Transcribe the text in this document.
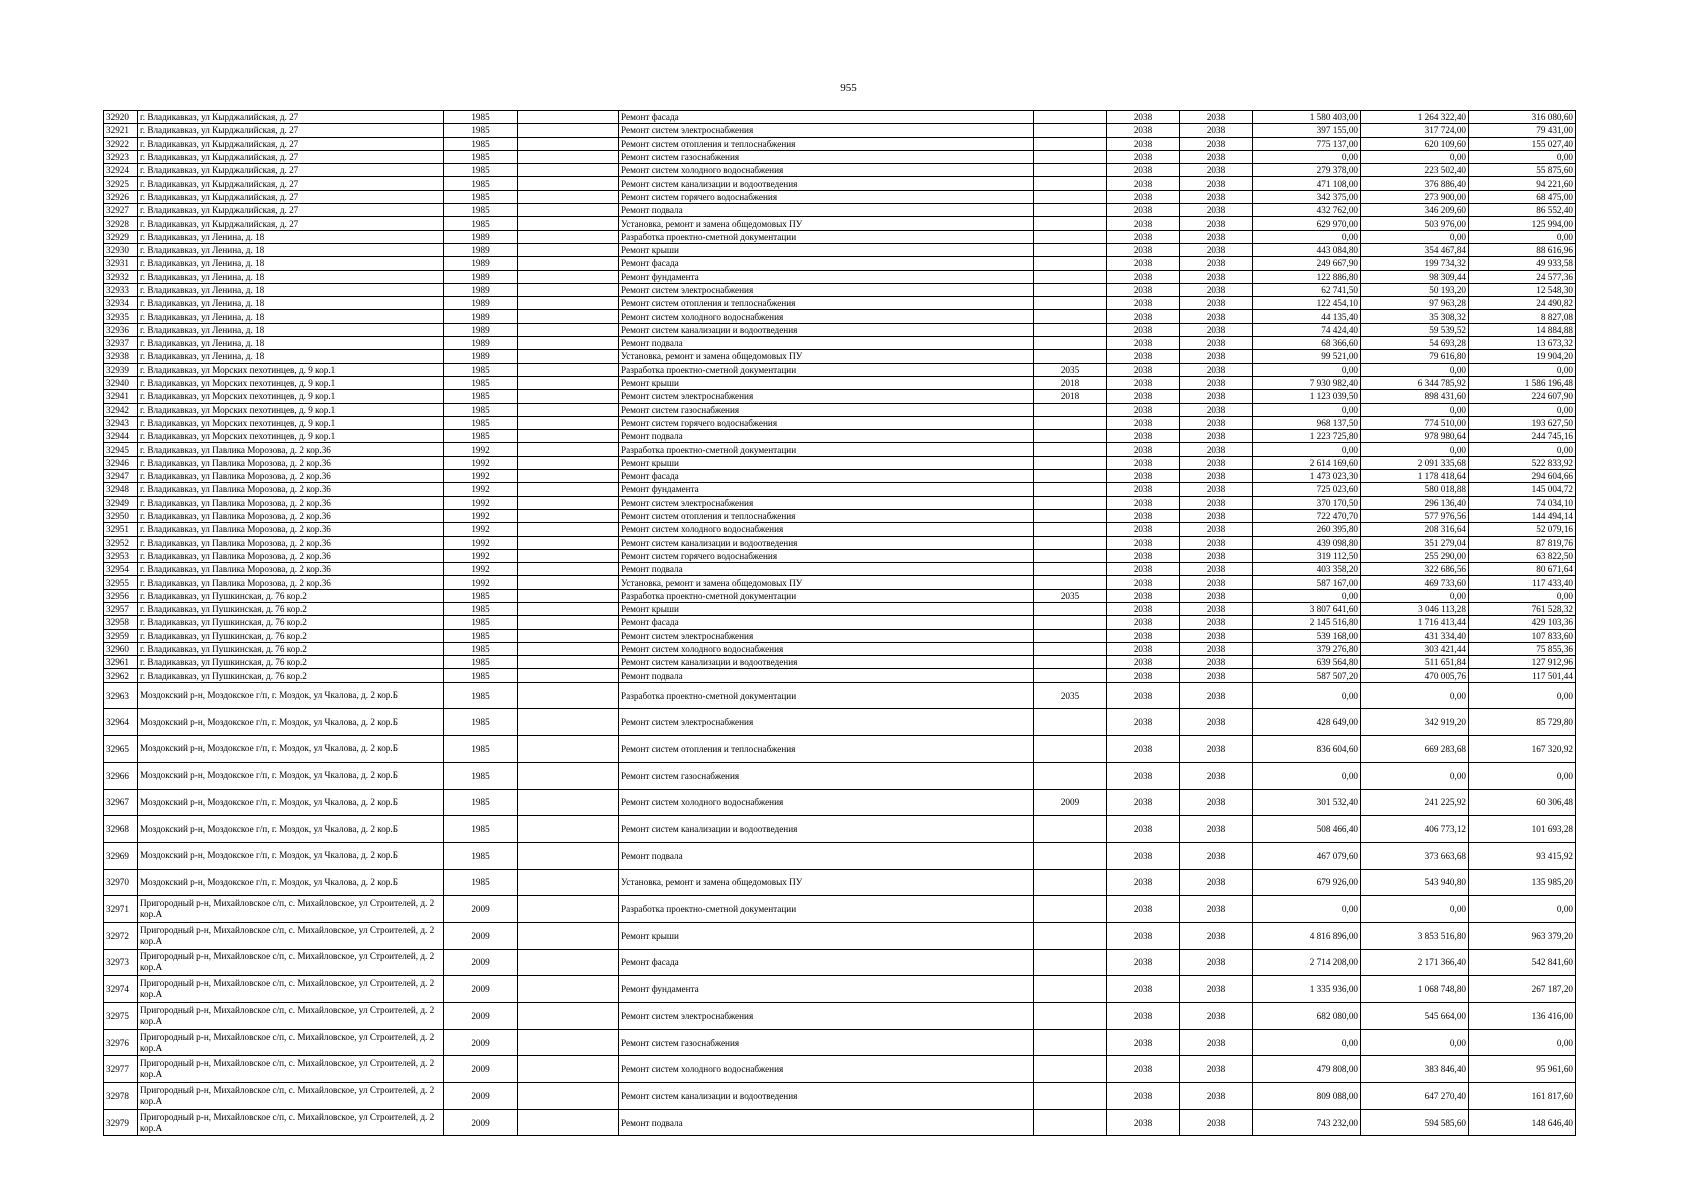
955
32920	г. Владикавказ, ул Кырджалийская, д. 27	1985		Ремонт фасада		2038	2038	1 580 403,00	1 264 322,40	316 080,60
32921	г. Владикавказ, ул Кырджалийская, д. 27	1985		Ремонт систем электроснабжения		2038	2038	397 155,00	317 724,00	79 431,00
32922	г. Владикавказ, ул Кырджалийская, д. 27	1985		Ремонт систем отопления и теплоснабжения		2038	2038	775 137,00	620 109,60	155 027,40
32923	г. Владикавказ, ул Кырджалийская, д. 27	1985		Ремонт систем газоснабжения		2038	2038	0,00	0,00	0,00
32924	г. Владикавказ, ул Кырджалийская, д. 27	1985		Ремонт систем холодного водоснабжения		2038	2038	279 378,00	223 502,40	55 875,60
32925	г. Владикавказ, ул Кырджалийская, д. 27	1985		Ремонт систем канализации и водоотведения		2038	2038	471 108,00	376 886,40	94 221,60
32926	г. Владикавказ, ул Кырджалийская, д. 27	1985		Ремонт систем горячего водоснабжения		2038	2038	342 375,00	273 900,00	68 475,00
32927	г. Владикавказ, ул Кырджалийская, д. 27	1985		Ремонт подвала		2038	2038	432 762,00	346 209,60	86 552,40
32928	г. Владикавказ, ул Кырджалийская, д. 27	1985		Установка, ремонт и замена общедомовых ПУ		2038	2038	629 970,00	503 976,00	125 994,00
32929	г. Владикавказ, ул Ленина, д. 18	1989		Разработка проектно-сметной документации		2038	2038	0,00	0,00	0,00
32930	г. Владикавказ, ул Ленина, д. 18	1989		Ремонт крыши		2038	2038	443 084,80	354 467,84	88 616,96
32931	г. Владикавказ, ул Ленина, д. 18	1989		Ремонт фасада		2038	2038	249 667,90	199 734,32	49 933,58
32932	г. Владикавказ, ул Ленина, д. 18	1989		Ремонт фундамента		2038	2038	122 886,80	98 309,44	24 577,36
32933	г. Владикавказ, ул Ленина, д. 18	1989		Ремонт систем электроснабжения		2038	2038	62 741,50	50 193,20	12 548,30
32934	г. Владикавказ, ул Ленина, д. 18	1989		Ремонт систем отопления и теплоснабжения		2038	2038	122 454,10	97 963,28	24 490,82
32935	г. Владикавказ, ул Ленина, д. 18	1989		Ремонт систем холодного водоснабжения		2038	2038	44 135,40	35 308,32	8 827,08
32936	г. Владикавказ, ул Ленина, д. 18	1989		Ремонт систем канализации и водоотведения		2038	2038	74 424,40	59 539,52	14 884,88
32937	г. Владикавказ, ул Ленина, д. 18	1989		Ремонт подвала		2038	2038	68 366,60	54 693,28	13 673,32
32938	г. Владикавказ, ул Ленина, д. 18	1989		Установка, ремонт и замена общедомовых ПУ		2038	2038	99 521,00	79 616,80	19 904,20
32939	г. Владикавказ, ул Морских пехотинцев, д. 9 кор.1	1985		Разработка проектно-сметной документации	2035	2038	2038	0,00	0,00	0,00
32940	г. Владикавказ, ул Морских пехотинцев, д. 9 кор.1	1985		Ремонт крыши	2018	2038	2038	7 930 982,40	6 344 785,92	1 586 196,48
32941	г. Владикавказ, ул Морских пехотинцев, д. 9 кор.1	1985		Ремонт систем электроснабжения	2018	2038	2038	1 123 039,50	898 431,60	224 607,90
32942	г. Владикавказ, ул Морских пехотинцев, д. 9 кор.1	1985		Ремонт систем газоснабжения		2038	2038	0,00	0,00	0,00
32943	г. Владикавказ, ул Морских пехотинцев, д. 9 кор.1	1985		Ремонт систем горячего водоснабжения		2038	2038	968 137,50	774 510,00	193 627,50
32944	г. Владикавказ, ул Морских пехотинцев, д. 9 кор.1	1985		Ремонт подвала		2038	2038	1 223 725,80	978 980,64	244 745,16
32945	г. Владикавказ, ул Павлика Морозова, д. 2 кор.36	1992		Разработка проектно-сметной документации		2038	2038	0,00	0,00	0,00
32946	г. Владикавказ, ул Павлика Морозова, д. 2 кор.36	1992		Ремонт крыши		2038	2038	2 614 169,60	2 091 335,68	522 833,92
32947	г. Владикавказ, ул Павлика Морозова, д. 2 кор.36	1992		Ремонт фасада		2038	2038	1 473 023,30	1 178 418,64	294 604,66
32948	г. Владикавказ, ул Павлика Морозова, д. 2 кор.36	1992		Ремонт фундамента		2038	2038	725 023,60	580 018,88	145 004,72
32949	г. Владикавказ, ул Павлика Морозова, д. 2 кор.36	1992		Ремонт систем электроснабжения		2038	2038	370 170,50	296 136,40	74 034,10
32950	г. Владикавказ, ул Павлика Морозова, д. 2 кор.36	1992		Ремонт систем отопления и теплоснабжения		2038	2038	722 470,70	577 976,56	144 494,14
32951	г. Владикавказ, ул Павлика Морозова, д. 2 кор.36	1992		Ремонт систем холодного водоснабжения		2038	2038	260 395,80	208 316,64	52 079,16
32952	г. Владикавказ, ул Павлика Морозова, д. 2 кор.36	1992		Ремонт систем канализации и водоотведения		2038	2038	439 098,80	351 279,04	87 819,76
32953	г. Владикавказ, ул Павлика Морозова, д. 2 кор.36	1992		Ремонт систем горячего водоснабжения		2038	2038	319 112,50	255 290,00	63 822,50
32954	г. Владикавказ, ул Павлика Морозова, д. 2 кор.36	1992		Ремонт подвала		2038	2038	403 358,20	322 686,56	80 671,64
32955	г. Владикавказ, ул Павлика Морозова, д. 2 кор.36	1992		Установка, ремонт и замена общедомовых ПУ		2038	2038	587 167,00	469 733,60	117 433,40
32956	г. Владикавказ, ул Пушкинская, д. 76 кор.2	1985		Разработка проектно-сметной документации	2035	2038	2038	0,00	0,00	0,00
32957	г. Владикавказ, ул Пушкинская, д. 76 кор.2	1985		Ремонт крыши		2038	2038	3 807 641,60	3 046 113,28	761 528,32
32958	г. Владикавказ, ул Пушкинская, д. 76 кор.2	1985		Ремонт фасада		2038	2038	2 145 516,80	1 716 413,44	429 103,36
32959	г. Владикавказ, ул Пушкинская, д. 76 кор.2	1985		Ремонт систем электроснабжения		2038	2038	539 168,00	431 334,40	107 833,60
32960	г. Владикавказ, ул Пушкинская, д. 76 кор.2	1985		Ремонт систем холодного водоснабжения		2038	2038	379 276,80	303 421,44	75 855,36
32961	г. Владикавказ, ул Пушкинская, д. 76 кор.2	1985		Ремонт систем канализации и водоотведения		2038	2038	639 564,80	511 651,84	127 912,96
32962	г. Владикавказ, ул Пушкинская, д. 76 кор.2	1985		Ремонт подвала		2038	2038	587 507,20	470 005,76	117 501,44
32963	Моздокский р-н, Моздокское г/п, г. Моздок, ул Чкалова, д. 2 кор.Б	1985		Разработка проектно-сметной документации	2035	2038	2038	0,00	0,00	0,00
32964	Моздокский р-н, Моздокское г/п, г. Моздок, ул Чкалова, д. 2 кор.Б	1985		Ремонт систем электроснабжения		2038	2038	428 649,00	342 919,20	85 729,80
32965	Моздокский р-н, Моздокское г/п, г. Моздок, ул Чкалова, д. 2 кор.Б	1985		Ремонт систем отопления и теплоснабжения		2038	2038	836 604,60	669 283,68	167 320,92
32966	Моздокский р-н, Моздокское г/п, г. Моздок, ул Чкалова, д. 2 кор.Б	1985		Ремонт систем газоснабжения		2038	2038	0,00	0,00	0,00
32967	Моздокский р-н, Моздокское г/п, г. Моздок, ул Чкалова, д. 2 кор.Б	1985		Ремонт систем холодного водоснабжения	2009	2038	2038	301 532,40	241 225,92	60 306,48
32968	Моздокский р-н, Моздокское г/п, г. Моздок, ул Чкалова, д. 2 кор.Б	1985		Ремонт систем канализации и водоотведения		2038	2038	508 466,40	406 773,12	101 693,28
32969	Моздокский р-н, Моздокское г/п, г. Моздок, ул Чкалова, д. 2 кор.Б	1985		Ремонт подвала		2038	2038	467 079,60	373 663,68	93 415,92
32970	Моздокский р-н, Моздокское г/п, г. Моздок, ул Чкалова, д. 2 кор.Б	1985		Установка, ремонт и замена общедомовых ПУ		2038	2038	679 926,00	543 940,80	135 985,20
32971	Пригородный р-н, Михайловское с/п, с. Михайловское, ул Строителей, д. 2 кор.А	2009		Разработка проектно-сметной документации		2038	2038	0,00	0,00	0,00
32972	Пригородный р-н, Михайловское с/п, с. Михайловское, ул Строителей, д. 2 кор.А	2009		Ремонт крыши		2038	2038	4 816 896,00	3 853 516,80	963 379,20
32973	Пригородный р-н, Михайловское с/п, с. Михайловское, ул Строителей, д. 2 кор.А	2009		Ремонт фасада		2038	2038	2 714 208,00	2 171 366,40	542 841,60
32974	Пригородный р-н, Михайловское с/п, с. Михайловское, ул Строителей, д. 2 кор.А	2009		Ремонт фундамента		2038	2038	1 335 936,00	1 068 748,80	267 187,20
32975	Пригородный р-н, Михайловское с/п, с. Михайловское, ул Строителей, д. 2 кор.А	2009		Ремонт систем электроснабжения		2038	2038	682 080,00	545 664,00	136 416,00
32976	Пригородный р-н, Михайловское с/п, с. Михайловское, ул Строителей, д. 2 кор.А	2009		Ремонт систем газоснабжения		2038	2038	0,00	0,00	0,00
32977	Пригородный р-н, Михайловское с/п, с. Михайловское, ул Строителей, д. 2 кор.А	2009		Ремонт систем холодного водоснабжения		2038	2038	479 808,00	383 846,40	95 961,60
32978	Пригородный р-н, Михайловское с/п, с. Михайловское, ул Строителей, д. 2 кор.А	2009		Ремонт систем канализации и водоотведения		2038	2038	809 088,00	647 270,40	161 817,60
32979	Пригородный р-н, Михайловское с/п, с. Михайловское, ул Строителей, д. 2 кор.А	2009		Ремонт подвала		2038	2038	743 232,00	594 585,60	148 646,40
